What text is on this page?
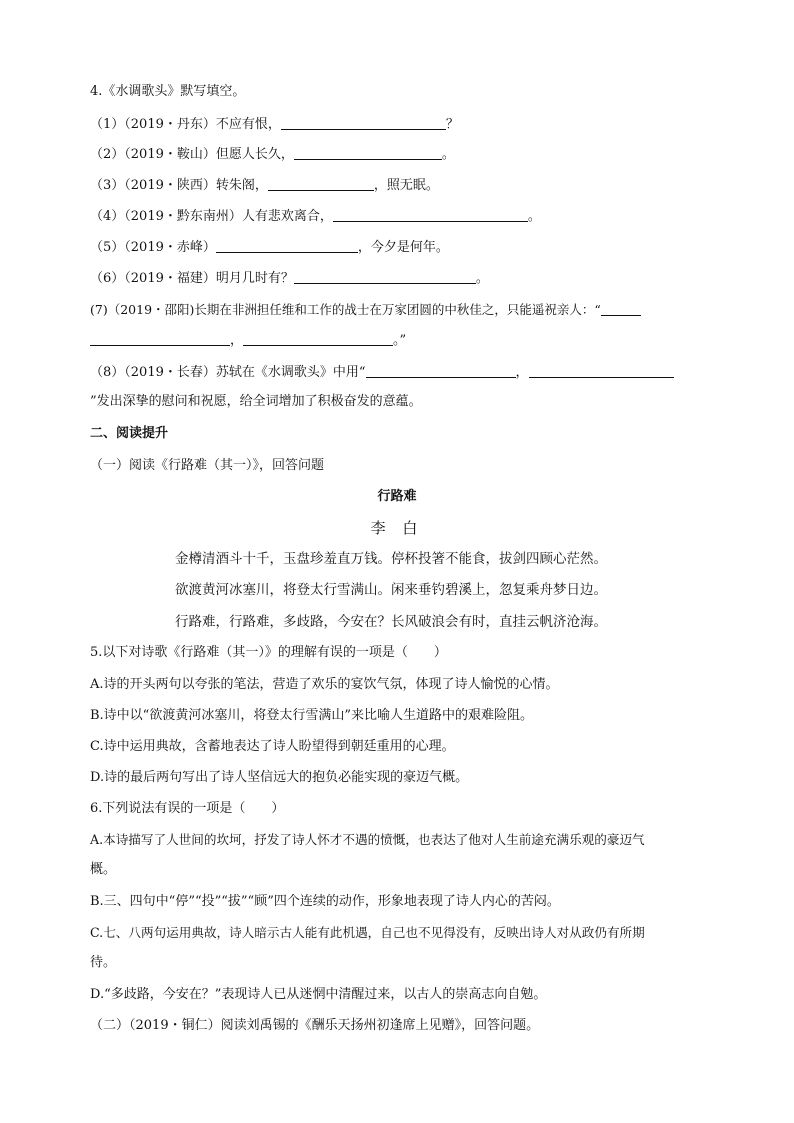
4.《水调歌头》默写填空。
（1）（2019・丹东）不应有恨，	？
（2）（2019・鞍山）但愿人长久，	。
（3）（2019・陕西）转朱阁，	，照无眠。
（4）（2019・黔东南州）人有悲欢离合，	。
（5）（2019・赤峰）	，今夕是何年。
（6）（2019・福建）明月几时有？	。
(7)（2019・邵阳)长期在非洲担任维和工作的战士在万家团圆的中秋佳之，只能遥祝亲人：“
，	。”
（8）（2019・长春）苏轼在《水调歌头》中用“	，
”发出深挚的慰问和祝愿，给全词增加了积极奋发的意蕴。
二、阅读提升
（一）阅读《行路难（其一）》，回答问题
行路难
李 白
金樽清酒斗十千，玉盘珍羞直万钱。停杯投箸不能食，拔剑四顾心茫然。
欲渡黄河冰塞川，将登太行雪满山。闲来垂钓碧溪上，忽复乘舟梦日边。
行路难，行路难，多歧路，今安在？长风破浪会有时，直挂云帆济沧海。
5.以下对诗歌《行路难（其一）》的理解有误的一项是（　　）
A.诗的开头两句以夸张的笔法，营造了欢乐的宴饮气氛，体现了诗人愉悦的心情。
B.诗中以“欲渡黄河冰塞川，将登太行雪满山”来比喻人生道路中的艰难险阻。
C.诗中运用典故，含蓄地表达了诗人盼望得到朝廷重用的心理。
D.诗的最后两句写出了诗人坚信远大的抱负必能实现的豪迈气概。
6.下列说法有误的一项是（　　）
A.本诗描写了人世间的坎坷，抒发了诗人怀才不遇的愤慨，也表达了他对人生前途充满乐观的豪迈气
概。
B.三、四句中“停”“投”“拔”“顾”四个连续的动作，形象地表现了诗人内心的苦闷。
C.七、八两句运用典故，诗人暗示古人能有此机遇，自己也不见得没有，反映出诗人对从政仍有所期
待。
D.“多歧路，今安在？”表现诗人已从迷惘中清醒过来，以古人的崇高志向自勉。
（二）（2019・铜仁）阅读刘禹锡的《酬乐天扬州初逢席上见赠》，回答问题。
